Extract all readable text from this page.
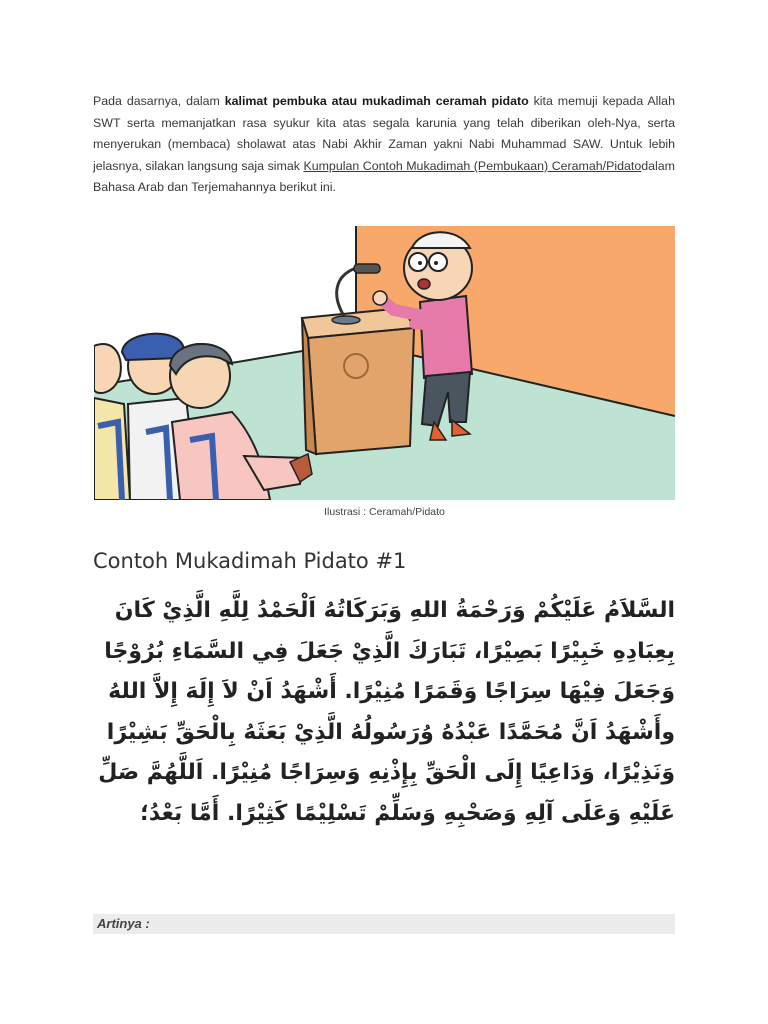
Pada dasarnya, dalam kalimat pembuka atau mukadimah ceramah pidato kita memuji kepada Allah SWT serta memanjatkan rasa syukur kita atas segala karunia yang telah diberikan oleh-Nya, serta menyerukan (membaca) sholawat atas Nabi Akhir Zaman yakni Nabi Muhammad SAW. Untuk lebih jelasnya, silakan langsung saja simak Kumpulan Contoh Mukadimah (Pembukaan) Ceramah/Pidatodalam Bahasa Arab dan Terjemahannya berikut ini.

Ilustrasi : Ceramah/Pidato
Contoh Mukadimah Pidato #1

السَّلاَمُ عَلَيْكُمْ وَرَحْمَةُ اللهِ وَبَرَكَاتُهُ اَلْحَمْدُ لِلَّهِ الَّذِيْ كَانَ بِعِبَادِهِ خَبِيْرًا بَصِيْرًا، تَبَارَكَ الَّذِيْ جَعَلَ فِي السَّمَاءِ بُرُوْجًا وَجَعَلَ فِيْهَا سِرَاجًا وَقَمَرًا مُنِيْرًا. أَشْهَدُ اَنْ لاَ إِلَهَ إِلاَّ اللهُ وأَشْهَدُ اَنَّ مُحَمَّدًا عَبْدُهُ وُرَسُولُهُ الَّذِيْ بَعَثَهُ بِالْحَقِّ بَشِيْرًا وَنَذِيْرًا، وَدَاعِيًا إِلَى الْحَقِّ بِإِذْنِهِ وَسِرَاجًا مُنِيْرًا. اَللَّهُمَّ صَلِّ عَلَيْهِ وَعَلَى آلِهِ وَصَحْبِهِ وَسَلِّمْ تَسْلِيْمًا كَثِيْرًا. أَمَّا بَعْدُ؛

Artinya :
